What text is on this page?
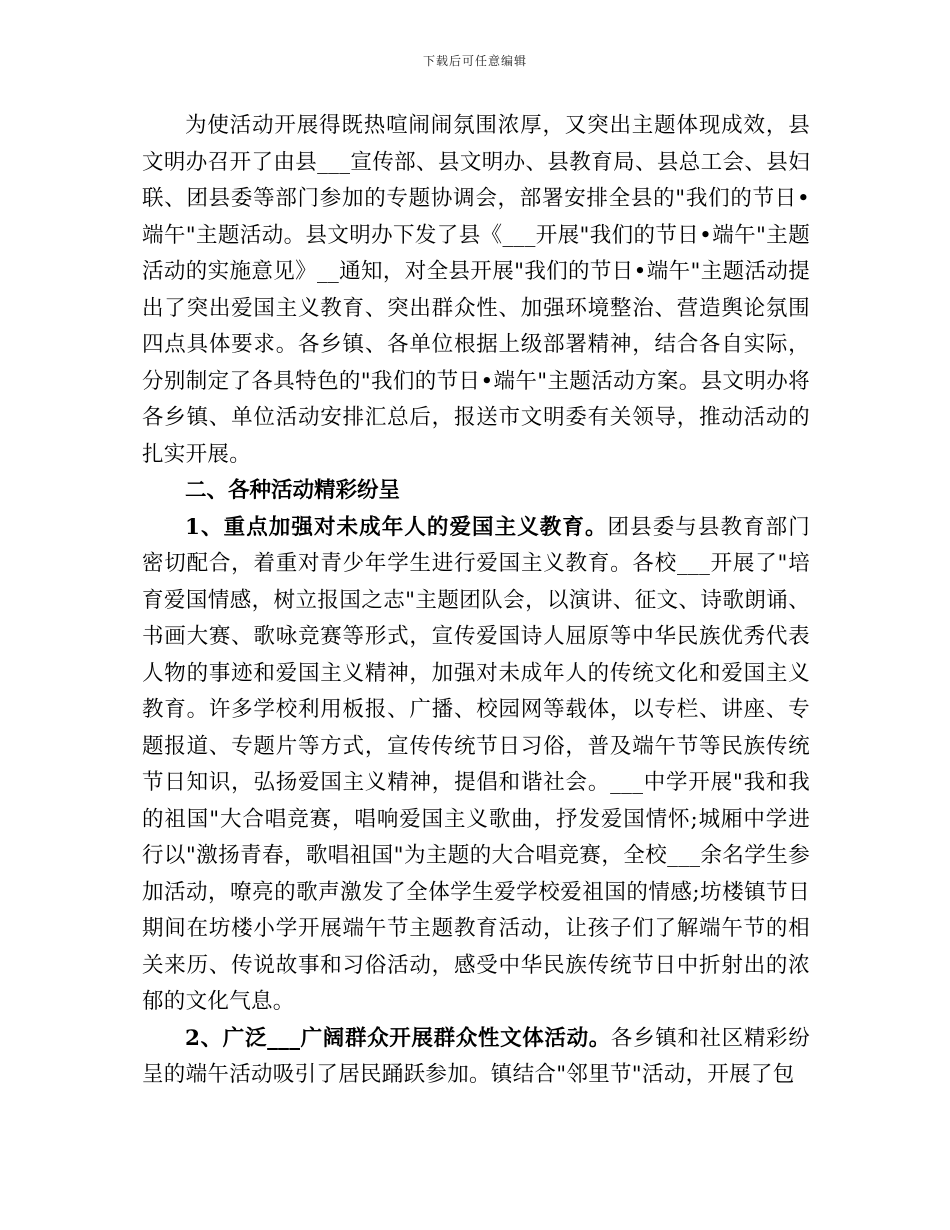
下载后可任意编辑

为使活动开展得既热喧闹闹氛围浓厚，又突出主题体现成效，县文明办召开了由县___宣传部、县文明办、县教育局、县总工会、县妇联、团县委等部门参加的专题协调会，部署安排全县的"我们的节日•端午"主题活动。县文明办下发了县《___开展"我们的节日•端午"主题活动的实施意见》__通知，对全县开展"我们的节日•端午"主题活动提出了突出爱国主义教育、突出群众性、加强环境整治、营造舆论氛围四点具体要求。各乡镇、各单位根据上级部署精神，结合各自实际，分别制定了各具特色的"我们的节日•端午"主题活动方案。县文明办将各乡镇、单位活动安排汇总后，报送市文明委有关领导，推动活动的扎实开展。

二、各种活动精彩纷呈

1、重点加强对未成年人的爱国主义教育。团县委与县教育部门密切配合，着重对青少年学生进行爱国主义教育。各校___开展了"培育爱国情感，树立报国之志"主题团队会，以演讲、征文、诗歌朗诵、书画大赛、歌咏竞赛等形式，宣传爱国诗人屈原等中华民族优秀代表人物的事迹和爱国主义精神，加强对未成年人的传统文化和爱国主义教育。许多学校利用板报、广播、校园网等载体，以专栏、讲座、专题报道、专题片等方式，宣传传统节日习俗，普及端午节等民族传统节日知识，弘扬爱国主义精神，提倡和谐社会。___中学开展"我和我的祖国"大合唱竞赛，唱响爱国主义歌曲，抒发爱国情怀;城厢中学进行以"激扬青春，歌唱祖国"为主题的大合唱竞赛，全校___余名学生参加活动，嘹亮的歌声激发了全体学生爱学校爱祖国的情感;坊楼镇节日期间在坊楼小学开展端午节主题教育活动，让孩子们了解端午节的相关来历、传说故事和习俗活动，感受中华民族传统节日中折射出的浓郁的文化气息。

2、广泛___广阔群众开展群众性文体活动。各乡镇和社区精彩纷呈的端午活动吸引了居民踊跃参加。镇结合"邻里节"活动，开展了包
